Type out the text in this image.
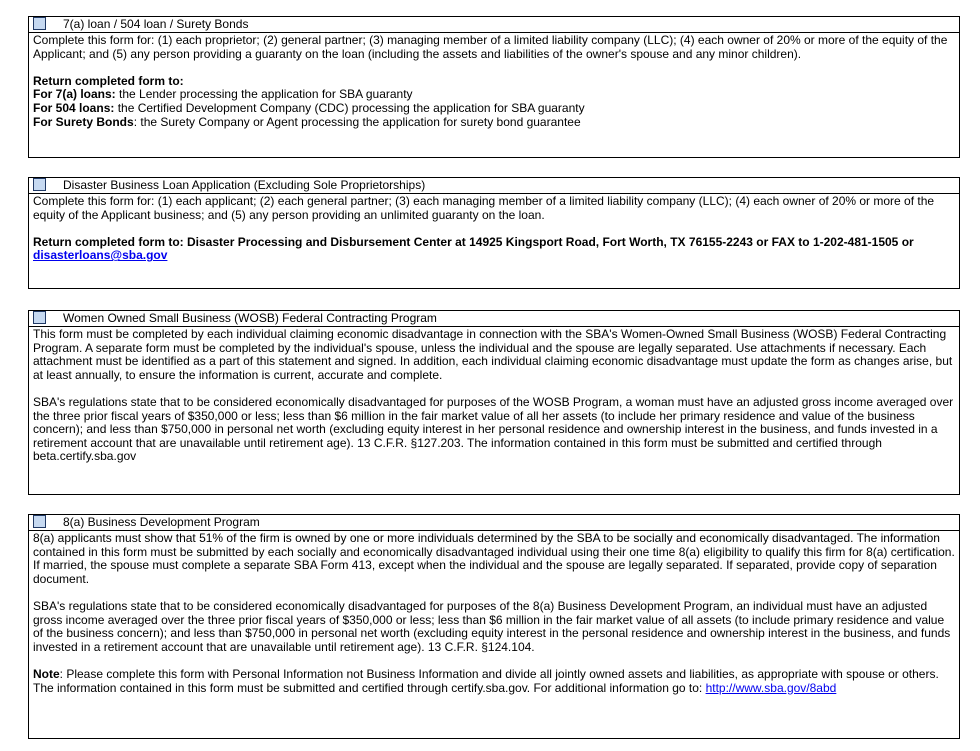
7(a) loan / 504 loan / Surety Bonds

Complete this form for: (1) each proprietor; (2) general partner; (3) managing member of a limited liability company (LLC); (4) each owner of 20% or more of the equity of the Applicant; and (5) any person providing a guaranty on the loan (including the assets and liabilities of the owner's spouse and any minor children).

Return completed form to:

For 7(a) loans: the Lender processing the application for SBA guaranty

For 504 loans: the Certified Development Company (CDC) processing the application for SBA guaranty

For Surety Bonds: the Surety Company or Agent processing the application for surety bond guarantee

Disaster Business Loan Application (Excluding Sole Proprietorships)

Complete this form for: (1) each applicant; (2) each general partner; (3) each managing member of a limited liability company (LLC); (4) each owner of 20% or more of the equity of the Applicant business; and (5) any person providing an unlimited guaranty on the loan.

Return completed form to: Disaster Processing and Disbursement Center at 14925 Kingsport Road, Fort Worth, TX 76155-2243 or FAX to 1-202-481-1505 or disasterloans@sba.gov

Women Owned Small Business (WOSB) Federal Contracting Program

This form must be completed by each individual claiming economic disadvantage in connection with the SBA's Women-Owned Small Business (WOSB) Federal Contracting Program. A separate form must be completed by the individual's spouse, unless the individual and the spouse are legally separated. Use attachments if necessary. Each attachment must be identified as a part of this statement and signed. In addition, each individual claiming economic disadvantage must update the form as changes arise, but at least annually, to ensure the information is current, accurate and complete.

SBA's regulations state that to be considered economically disadvantaged for purposes of the WOSB Program, a woman must have an adjusted gross income averaged over the three prior fiscal years of $350,000 or less; less than $6 million in the fair market value of all her assets (to include her primary residence and value of the business concern); and less than $750,000 in personal net worth (excluding equity interest in her personal residence and ownership interest in the business, and funds invested in a retirement account that are unavailable until retirement age). 13 C.F.R. §127.203. The information contained in this form must be submitted and certified through beta.certify.sba.gov

8(a) Business Development Program

8(a) applicants must show that 51% of the firm is owned by one or more individuals determined by the SBA to be socially and economically disadvantaged. The information contained in this form must be submitted by each socially and economically disadvantaged individual using their one time 8(a) eligibility to qualify this firm for 8(a) certification. If married, the spouse must complete a separate SBA Form 413, except when the individual and the spouse are legally separated. If separated, provide copy of separation document.

SBA's regulations state that to be considered economically disadvantaged for purposes of the 8(a) Business Development Program, an individual must have an adjusted gross income averaged over the three prior fiscal years of $350,000 or less; less than $6 million in the fair market value of all assets (to include primary residence and value of the business concern); and less than $750,000 in personal net worth (excluding equity interest in the personal residence and ownership interest in the business, and funds invested in a retirement account that are unavailable until retirement age). 13 C.F.R. §124.104.

Note: Please complete this form with Personal Information not Business Information and divide all jointly owned assets and liabilities, as appropriate with spouse or others. The information contained in this form must be submitted and certified through certify.sba.gov. For additional information go to: http://www.sba.gov/8abd
